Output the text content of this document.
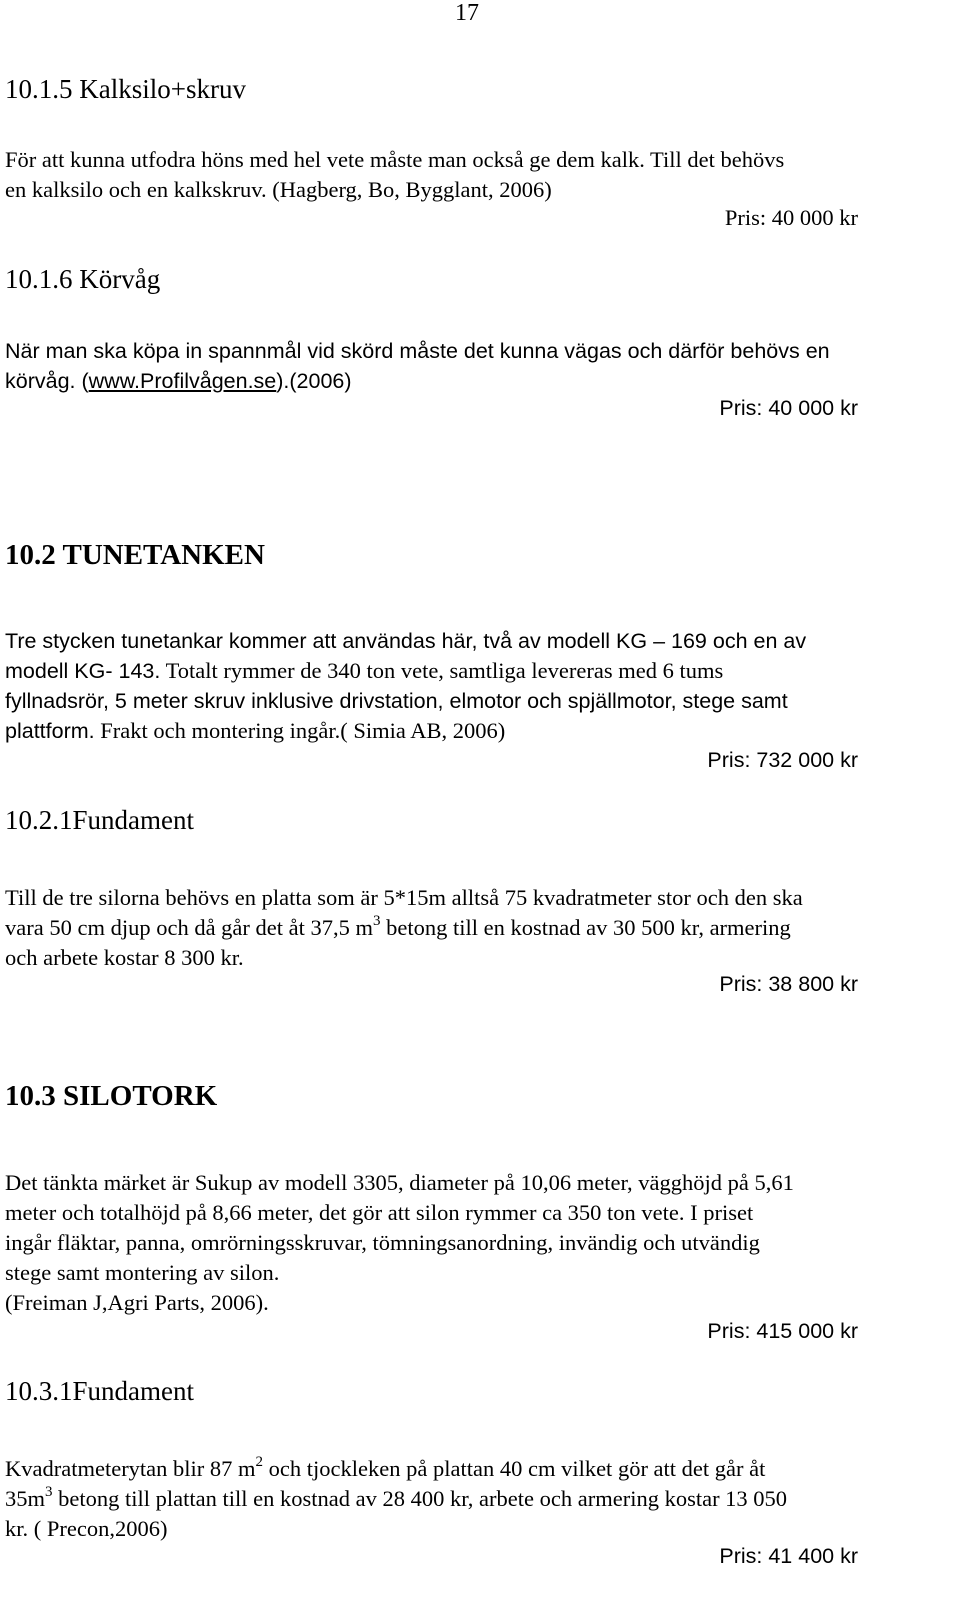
17
10.1.5 Kalksilo+skruv
För att kunna utfodra höns med hel vete måste man också ge dem kalk. Till det behövs
en kalksilo och en kalkskruv. (Hagberg, Bo, Bygglant, 2006)
Pris: 40 000 kr
10.1.6 Körvåg
När man ska köpa in spannmål vid skörd måste det kunna vägas och därför behövs en
körvåg. (www.Profilvågen.se).(2006)
Pris: 40 000 kr
10.2 TUNETANKEN
Tre stycken tunetankar kommer att användas här, två av modell KG – 169 och en av
modell KG- 143. Totalt rymmer de 340 ton vete, samtliga levereras med 6 tums
fyllnadsrör, 5 meter skruv inklusive drivstation, elmotor och spjällmotor, stege samt
plattform. Frakt och montering ingår.( Simia AB, 2006)
Pris: 732 000 kr
10.2.1Fundament
Till de tre silorna behövs en platta som är 5*15m alltså 75 kvadratmeter stor och den ska
vara 50 cm djup och då går det åt 37,5 $m^3$ betong till en kostnad av 30 500 kr, armering
och arbete kostar 8 300 kr.
Pris: 38 800 kr
10.3 SILOTORK
Det tänkta märket är Sukup av modell 3305, diameter på 10,06 meter, vägghöjd på 5,61
meter och totalhöjd på 8,66 meter, det gör att silon rymmer ca 350 ton vete. I priset
ingår fläktar, panna, omrörningsskruvar, tömningsanordning, invändig och utvändig
stege samt montering av silon.
(Freiman J,Agri Parts, 2006).
Pris: 415 000 kr
10.3.1Fundament
Kvadratmeterytan blir 87 $m^2$ och tjockleken på plattan 40 cm vilket gör att det går åt
$35m^3$ betong till plattan till en kostnad av 28 400 kr, arbete och armering kostar 13 050
kr. ( Precon,2006)
Pris: 41 400 kr
